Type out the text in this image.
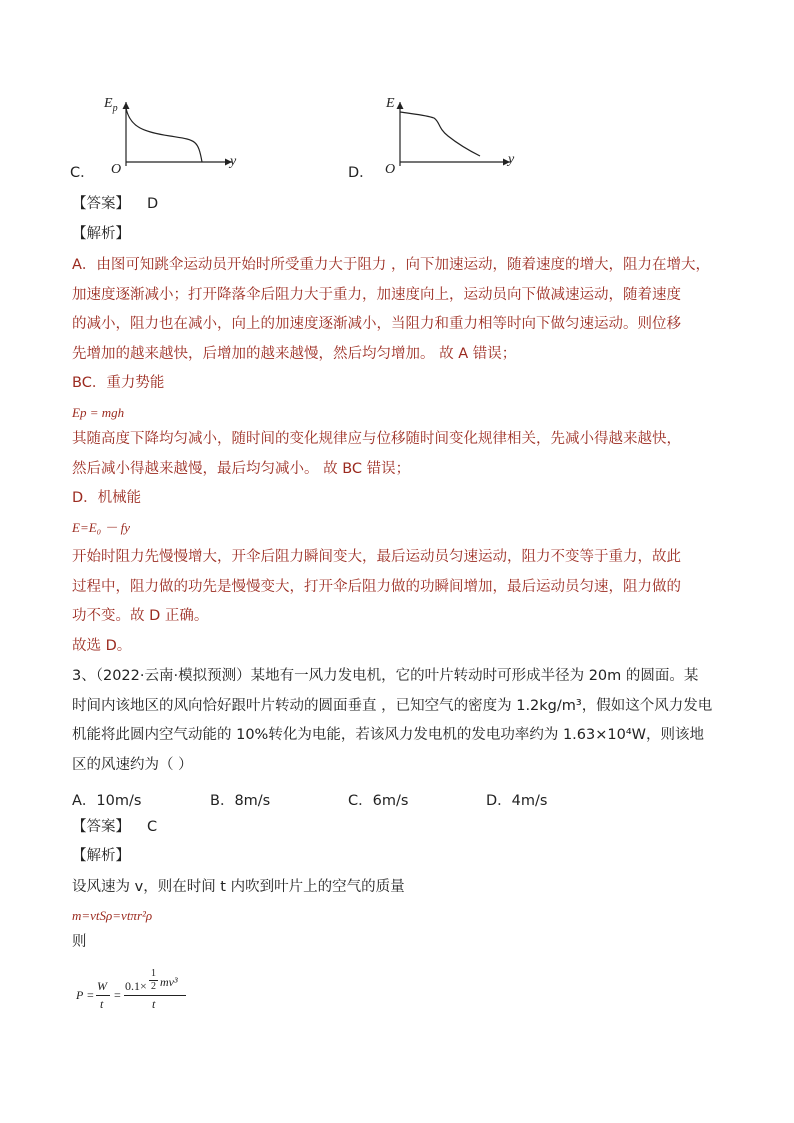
C．
$E_p$
O
y
D．
E
O
y
【答案】 D
【解析】
A．由图可知跳伞运动员开始时所受重力大于阻力 ，向下加速运动，随着速度的增大，阻力在增大，
加速度逐渐减小；打开降落伞后阻力大于重力，加速度向上，运动员向下做减速运动，随着速度
的减小，阻力也在减小，向上的加速度逐渐减小，当阻力和重力相等时向下做匀速运动。则位移
先增加的越来越快，后增加的越来越慢，然后均匀增加。 故 A 错误；
BC．重力势能
Ep = mgh
其随高度下降均匀减小，随时间的变化规律应与位移随时间变化规律相关，先减小得越来越快，
然后减小得越来越慢，最后均匀减小。 故 BC 错误；
D．机械能
E=E₀ － fy
开始时阻力先慢慢增大，开伞后阻力瞬间变大，最后运动员匀速运动，阻力不变等于重力，故此
过程中，阻力做的功先是慢慢变大，打开伞后阻力做的功瞬间增加，最后运动员匀速，阻力做的
功不变。故 D 正确。
故选 D。
3、（2022·云南·模拟预测）某地有一风力发电机，它的叶片转动时可形成半径为 20m 的圆面。某
时间内该地区的风向恰好跟叶片转动的圆面垂直 ，已知空气的密度为 1.2kg/m³，假如这个风力发电
机能将此圆内空气动能的 10%转化为电能，若该风力发电机的发电功率约为 1.63×10⁴W，则该地
区的风速约为（ ）
A．10m/s	B．8m/s	C．6m/s	D．4m/s
【答案】 C
【解析】
设风速为 v，则在时间 t 内吹到叶片上的空气的质量
m=vtSρ=vtπr²ρ
则
P =
W
t
=
0.1×
1
2 mv³
t
